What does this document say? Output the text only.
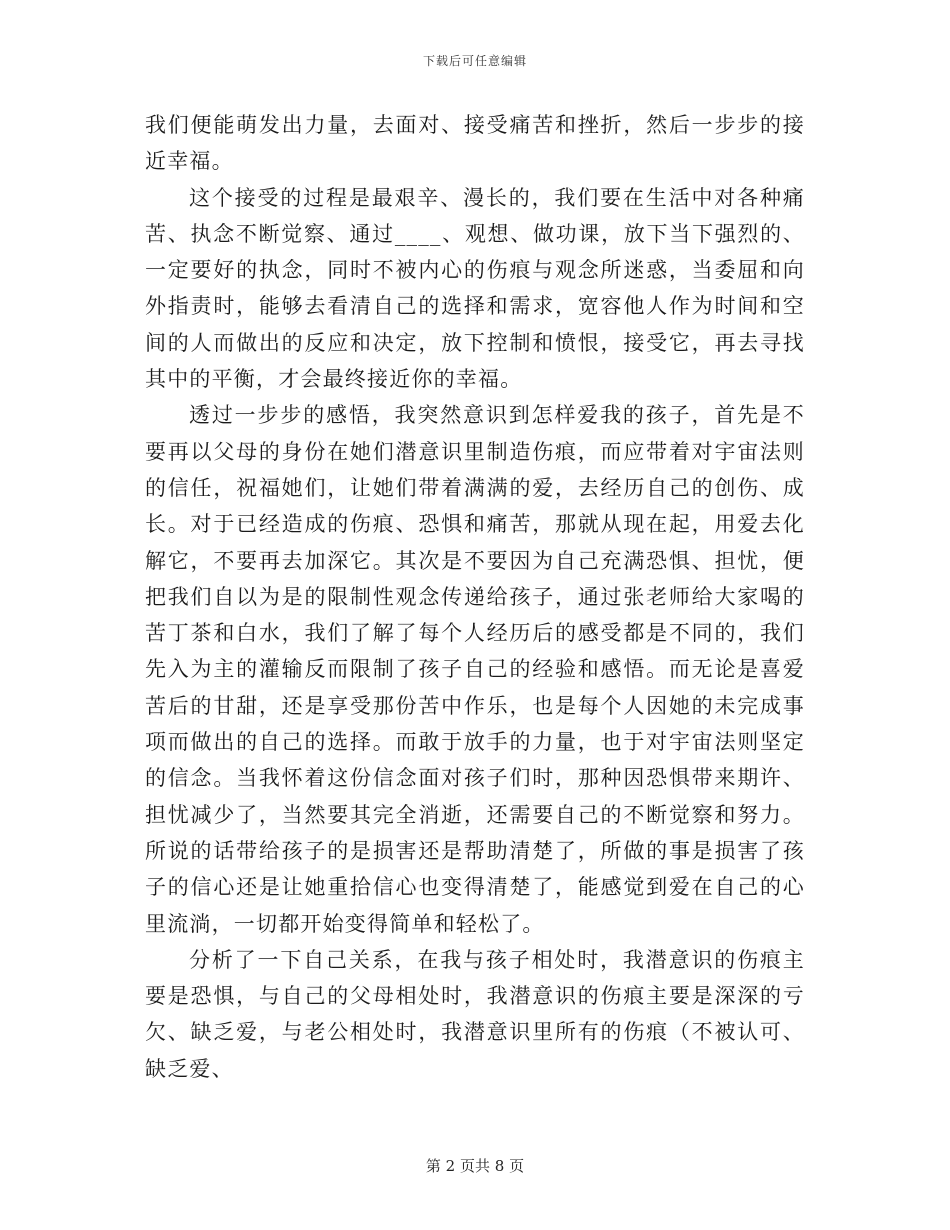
下载后可任意编辑

我们便能萌发出力量，去面对、接受痛苦和挫折，然后一步步的接近幸福。

这个接受的过程是最艰辛、漫长的，我们要在生活中对各种痛苦、执念不断觉察、通过____、观想、做功课，放下当下强烈的、一定要好的执念，同时不被内心的伤痕与观念所迷惑，当委屈和向外指责时，能够去看清自己的选择和需求，宽容他人作为时间和空间的人而做出的反应和决定，放下控制和愤恨，接受它，再去寻找其中的平衡，才会最终接近你的幸福。

透过一步步的感悟，我突然意识到怎样爱我的孩子，首先是不要再以父母的身份在她们潜意识里制造伤痕，而应带着对宇宙法则的信任，祝福她们，让她们带着满满的爱，去经历自己的创伤、成长。对于已经造成的伤痕、恐惧和痛苦，那就从现在起，用爱去化解它，不要再去加深它。其次是不要因为自己充满恐惧、担忧，便把我们自以为是的限制性观念传递给孩子，通过张老师给大家喝的苦丁茶和白水，我们了解了每个人经历后的感受都是不同的，我们先入为主的灌输反而限制了孩子自己的经验和感悟。而无论是喜爱苦后的甘甜，还是享受那份苦中作乐，也是每个人因她的未完成事项而做出的自己的选择。而敢于放手的力量，也于对宇宙法则坚定的信念。当我怀着这份信念面对孩子们时，那种因恐惧带来期许、担忧减少了，当然要其完全消逝，还需要自己的不断觉察和努力。所说的话带给孩子的是损害还是帮助清楚了，所做的事是损害了孩子的信心还是让她重拾信心也变得清楚了，能感觉到爱在自己的心里流淌，一切都开始变得简单和轻松了。

分析了一下自己关系，在我与孩子相处时，我潜意识的伤痕主要是恐惧，与自己的父母相处时，我潜意识的伤痕主要是深深的亏欠、缺乏爱，与老公相处时，我潜意识里所有的伤痕（不被认可、缺乏爱、

第 2 页共 8 页
